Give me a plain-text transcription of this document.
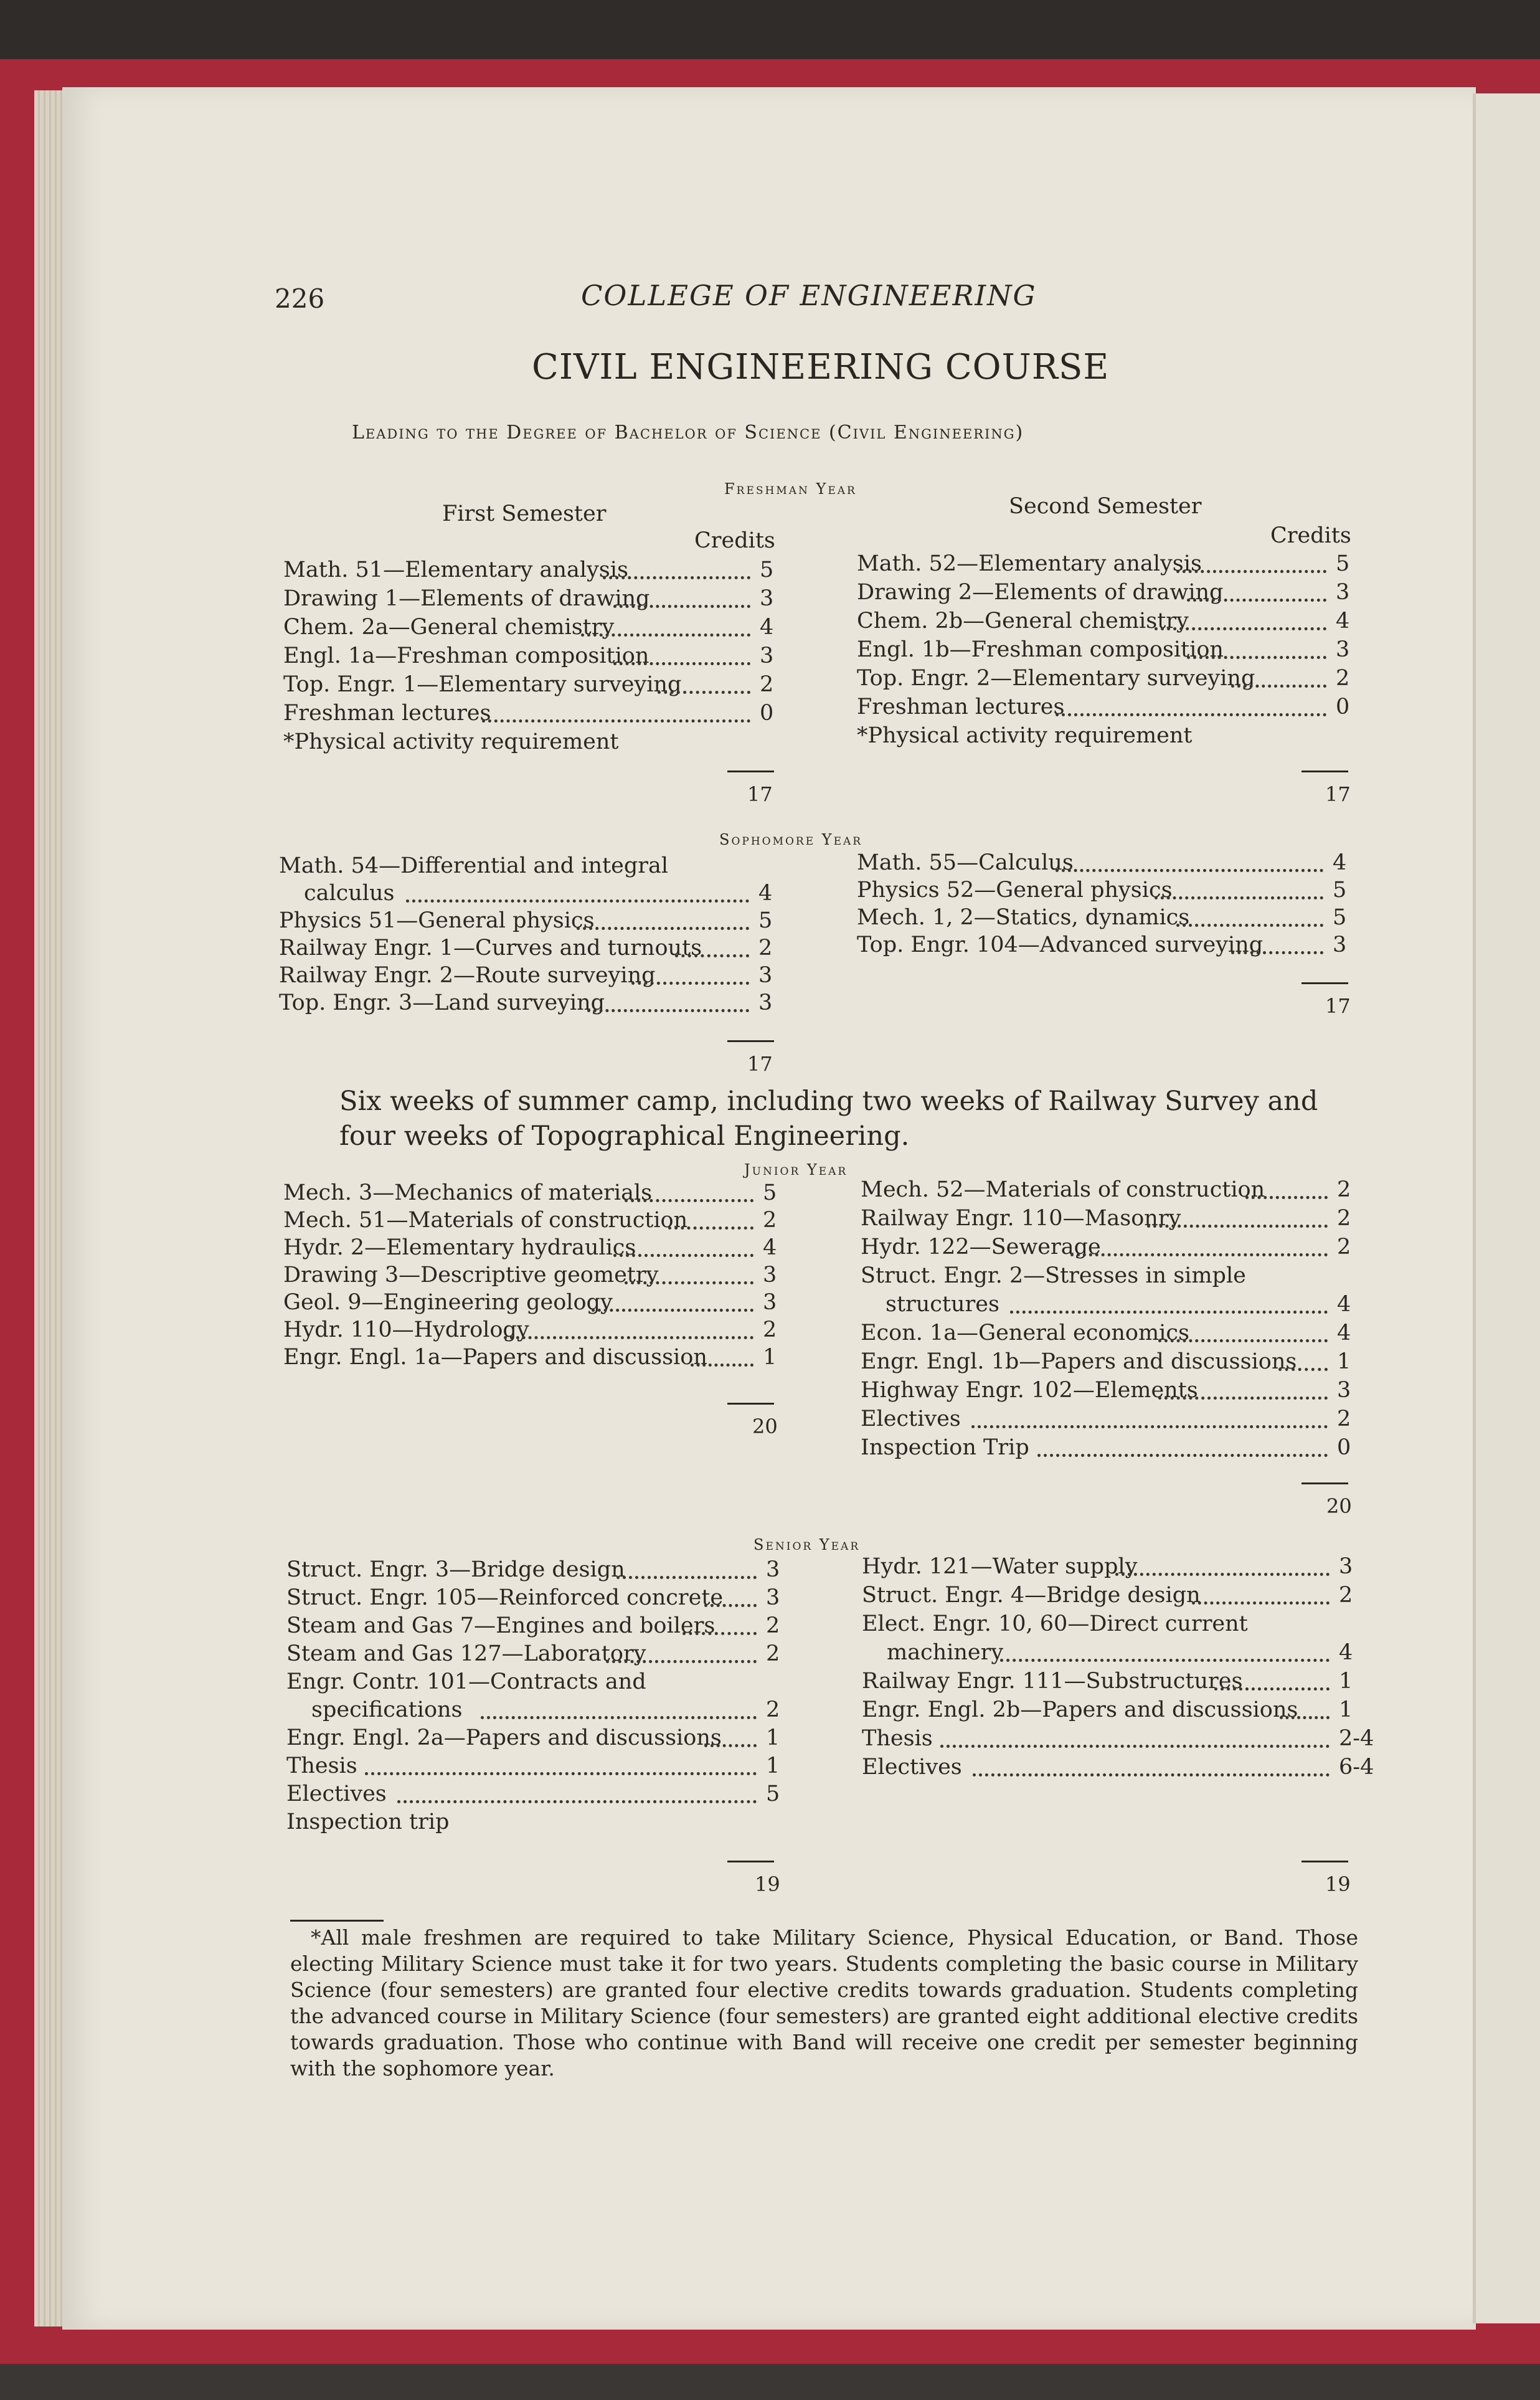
226	COLLEGE OF ENGINEERING
CIVIL ENGINEERING COURSE
Leading to the Degree of Bachelor of Science (Civil Engineering)
Freshman Year
First Semester	Second Semester
Credits	Credits
Math. 51—Elementary analysis	5
Drawing 1—Elements of drawing	3
Chem. 2a—General chemistry	4
Engl. 1a—Freshman composition	3
Top. Engr. 1—Elementary surveying	2
Freshman lectures	0
*Physical activity requirement
17
Math. 52—Elementary analysis	5
Drawing 2—Elements of drawing	3
Chem. 2b—General chemistry	4
Engl. 1b—Freshman composition	3
Top. Engr. 2—Elementary surveying	2
Freshman lectures	0
*Physical activity requirement
17
Sophomore Year
Math. 54—Differential and integral
calculus	4
Physics 51—General physics	5
Railway Engr. 1—Curves and turnouts	2
Railway Engr. 2—Route surveying	3
Top. Engr. 3—Land surveying	3
17
Math. 55—Calculus	4
Physics 52—General physics	5
Mech. 1, 2—Statics, dynamics	5
Top. Engr. 104—Advanced surveying	3
17
Junior Year
Mech. 3—Mechanics of materials	5
Mech. 51—Materials of construction	2
Hydr. 2—Elementary hydraulics	4
Drawing 3—Descriptive geometry	3
Geol. 9—Engineering geology	3
Hydr. 110—Hydrology	2
Engr. Engl. 1a—Papers and discussion	1
20
Mech. 52—Materials of construction	2
Railway Engr. 110—Masonry	2
Hydr. 122—Sewerage	2
Struct. Engr. 2—Stresses in simple
structures	4
Econ. 1a—General economics	4
Engr. Engl. 1b—Papers and discussions 1
Highway Engr. 102—Elements	3
Electives	2
Inspection Trip	0
20
Senior Year
Struct. Engr. 3—Bridge design	3
Struct. Engr. 105—Reinforced concrete 3
Steam and Gas 7—Engines and boilers 2
Steam and Gas 127—Laboratory	2
Engr. Contr. 101—Contracts and
specifications	2
Engr. Engl. 2a—Papers and discussions 1
Thesis	1
Electives	5
Inspection trip
19
Hydr. 121—Water supply	3
Struct. Engr. 4—Bridge design	2
Elect. Engr. 10, 60—Direct current
machinery	4
Railway Engr. 111—Substructures	1
Engr. Engl. 2b—Papers and discussions 1
Thesis	2-4
Electives	6-4
19
Six weeks of summer camp, including two weeks of Railway Survey and four weeks of Topographical Engineering.
*All male freshmen are required to take Military Science, Physical Education, or Band. Those electing Military Science must take it for two years. Students completing the basic course in Military Science (four semesters) are granted four elective credits towards graduation. Students completing the advanced course in Military Science (four semesters) are granted eight additional elective credits towards graduation. Those who continue with Band will receive one credit per semester beginning with the sophomore year.
